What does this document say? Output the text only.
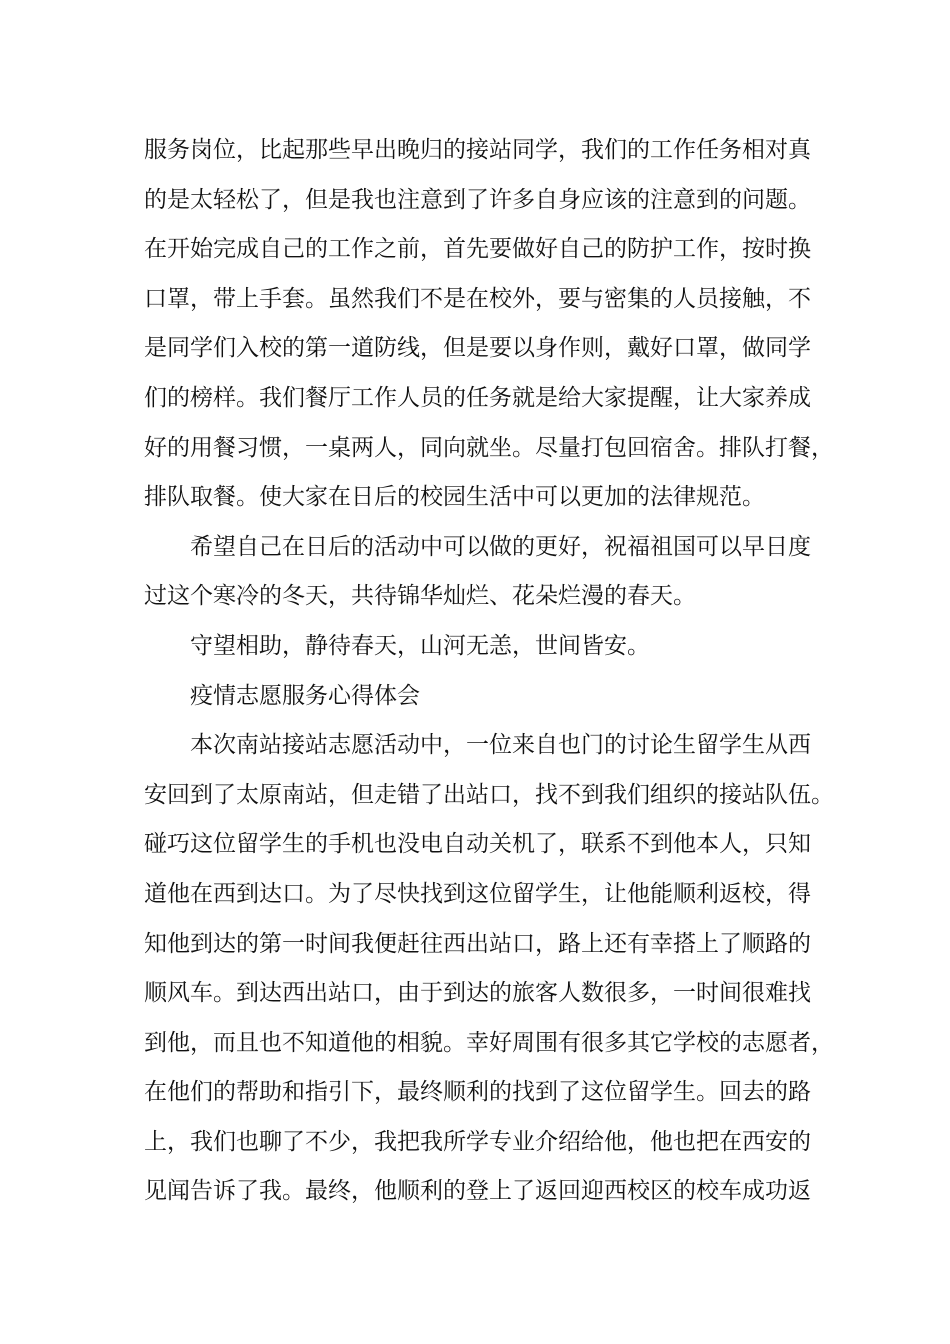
服务岗位，比起那些早出晚归的接站同学，我们的工作任务相对真
的是太轻松了，但是我也注意到了许多自身应该的注意到的问题。
在开始完成自己的工作之前，首先要做好自己的防护工作，按时换
口罩，带上手套。虽然我们不是在校外，要与密集的人员接触，不
是同学们入校的第一道防线，但是要以身作则，戴好口罩，做同学
们的榜样。我们餐厅工作人员的任务就是给大家提醒，让大家养成
好的用餐习惯，一桌两人，同向就坐。尽量打包回宿舍。排队打餐，
排队取餐。使大家在日后的校园生活中可以更加的法律规范。
希望自己在日后的活动中可以做的更好，祝福祖国可以早日度
过这个寒冷的冬天，共待锦华灿烂、花朵烂漫的春天。
守望相助，静待春天，山河无恙，世间皆安。
疫情志愿服务心得体会
本次南站接站志愿活动中，一位来自也门的讨论生留学生从西
安回到了太原南站，但走错了出站口，找不到我们组织的接站队伍。
碰巧这位留学生的手机也没电自动关机了，联系不到他本人，只知
道他在西到达口。为了尽快找到这位留学生，让他能顺利返校，得
知他到达的第一时间我便赶往西出站口，路上还有幸搭上了顺路的
顺风车。到达西出站口，由于到达的旅客人数很多，一时间很难找
到他，而且也不知道他的相貌。幸好周围有很多其它学校的志愿者，
在他们的帮助和指引下，最终顺利的找到了这位留学生。回去的路
上，我们也聊了不少，我把我所学专业介绍给他，他也把在西安的
见闻告诉了我。最终，他顺利的登上了返回迎西校区的校车成功返
